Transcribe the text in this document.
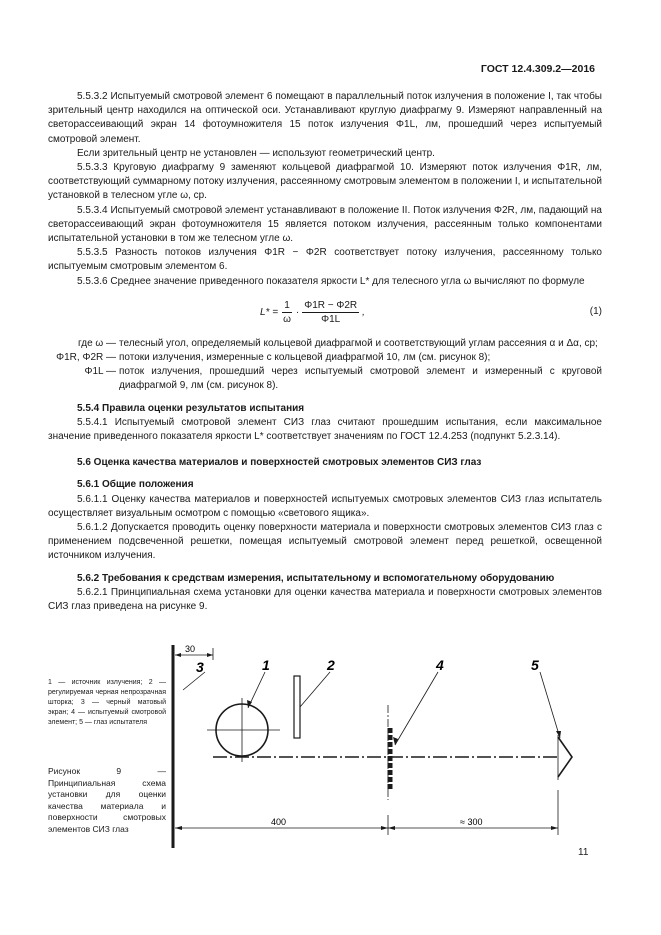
ГОСТ 12.4.309.2—2016

5.5.3.2 Испытуемый смотровой элемент 6 помещают в параллельный поток излучения в положение I, так чтобы зрительный центр находился на оптической оси. Устанавливают круглую диафрагму 9. Измеряют направленный на светорассеивающий экран 14 фотоумножителя 15 поток излучения Φ1L, лм, прошедший через испытуемый смотровой элемент.

Если зрительный центр не установлен — используют геометрический центр.

5.5.3.3 Круговую диафрагму 9 заменяют кольцевой диафрагмой 10. Измеряют поток излучения Φ1R, лм, соответствующий суммарному потоку излучения, рассеянному смотровым элементом в положении I, и испытательной установкой в телесном угле ω, ср.

5.5.3.4 Испытуемый смотровой элемент устанавливают в положение II. Поток излучения Φ2R, лм, падающий на светорассеивающий экран фотоумножителя 15 является потоком излучения, рассеянным только компонентами испытательной установки в том же телесном угле ω.

5.5.3.5 Разность потоков излучения Φ1R − Φ2R соответствует потоку излучения, рассеянному только испытуемым смотровым элементом 6.

5.5.3.6 Среднее значение приведенного показателя яркости L* для телесного угла ω вычисляют по формуле

$L* = \frac{1}{\omega} \cdot \frac{\Phi 1R - \Phi 2R}{\Phi 1L}$ ,	(1)
где ω — телесный угол, определяемый кольцевой диафрагмой и соответствующий углам рассеяния α и Δα, ср;
Φ1R, Φ2R — потоки излучения, измеренные с кольцевой диафрагмой 10, лм (см. рисунок 8);
Φ1L — поток излучения, прошедший через испытуемый смотровой элемент и измеренный с круговой диафрагмой 9, лм (см. рисунок 8).

5.5.4 Правила оценки результатов испытания

5.5.4.1 Испытуемый смотровой элемент СИЗ глаз считают прошедшим испытания, если максимальное значение приведенного показателя яркости L* соответствует значениям по ГОСТ 12.4.253 (подпункт 5.2.3.14).

5.6 Оценка качества материалов и поверхностей смотровых элементов СИЗ глаз

5.6.1 Общие положения

5.6.1.1 Оценку качества материалов и поверхностей испытуемых смотровых элементов СИЗ глаз испытатель осуществляет визуальным осмотром с помощью «светового ящика».

5.6.1.2 Допускается проводить оценку поверхности материала и поверхности смотровых элементов СИЗ глаз с применением подсвеченной решетки, помещая испытуемый смотровой элемент перед решеткой, освещенной источником излучения.

5.6.2 Требования к средствам измерения, испытательному и вспомогательному оборудованию

5.6.2.1 Принципиальная схема установки для оценки качества материала и поверхности смотровых элементов СИЗ глаз приведена на рисунке 9.

30
3	1	2	4	5
400	≈ 300
1 — источник излучения; 2 — регулируемая черная непрозрачная шторка; 3 — черный матовый экран; 4 — испытуемый смотровой элемент; 5 — глаз испытателя
Рисунок 9 — Принципиальная схема установки для оценки качества материала и поверхности смотровых элементов СИЗ глаз
11
